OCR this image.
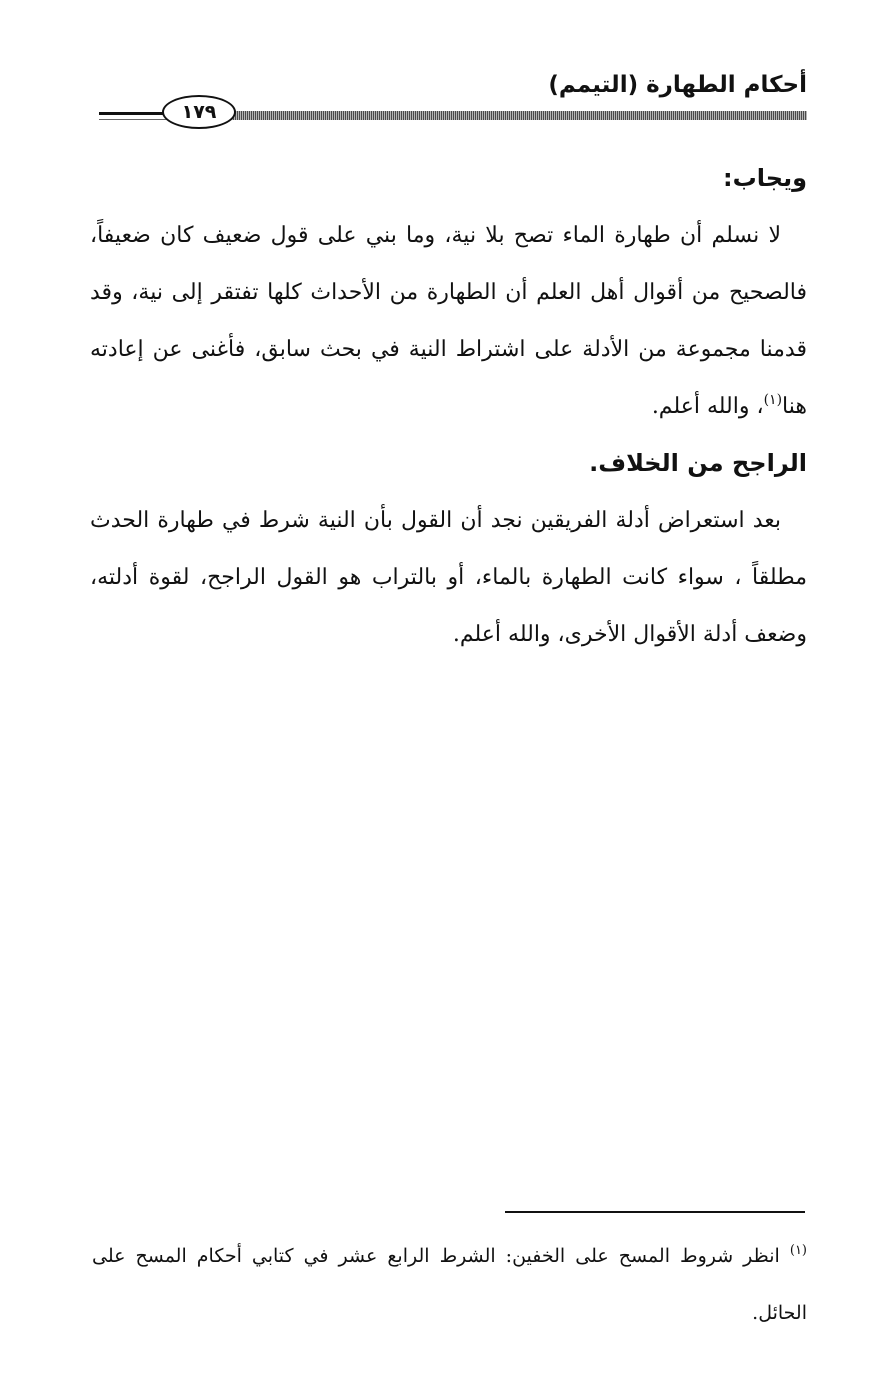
أحكام الطهارة (التيمم)
١٧٩

ويجاب:

لا نسلم أن طهارة الماء تصح بلا نية، وما بني على قول ضعيف كان ضعيفاً، فالصحيح من أقوال أهل العلم أن الطهارة من الأحداث كلها تفتقر إلى نية، وقد قدمنا مجموعة من الأدلة على اشتراط النية في بحث سابق، فأغنى عن إعادته هنا$^{(١)}$، والله أعلم.

الراجح من الخلاف.

بعد استعراض أدلة الفريقين نجد أن القول بأن النية شرط في طهارة الحدث مطلقاً ، سواء كانت الطهارة بالماء، أو بالتراب هو القول الراجح، لقوة أدلته، وضعف أدلة الأقوال الأخرى، والله أعلم.

$^{(١)}$ انظر شروط المسح على الخفين: الشرط الرابع عشر في كتابي أحكام المسح على الحائل.
